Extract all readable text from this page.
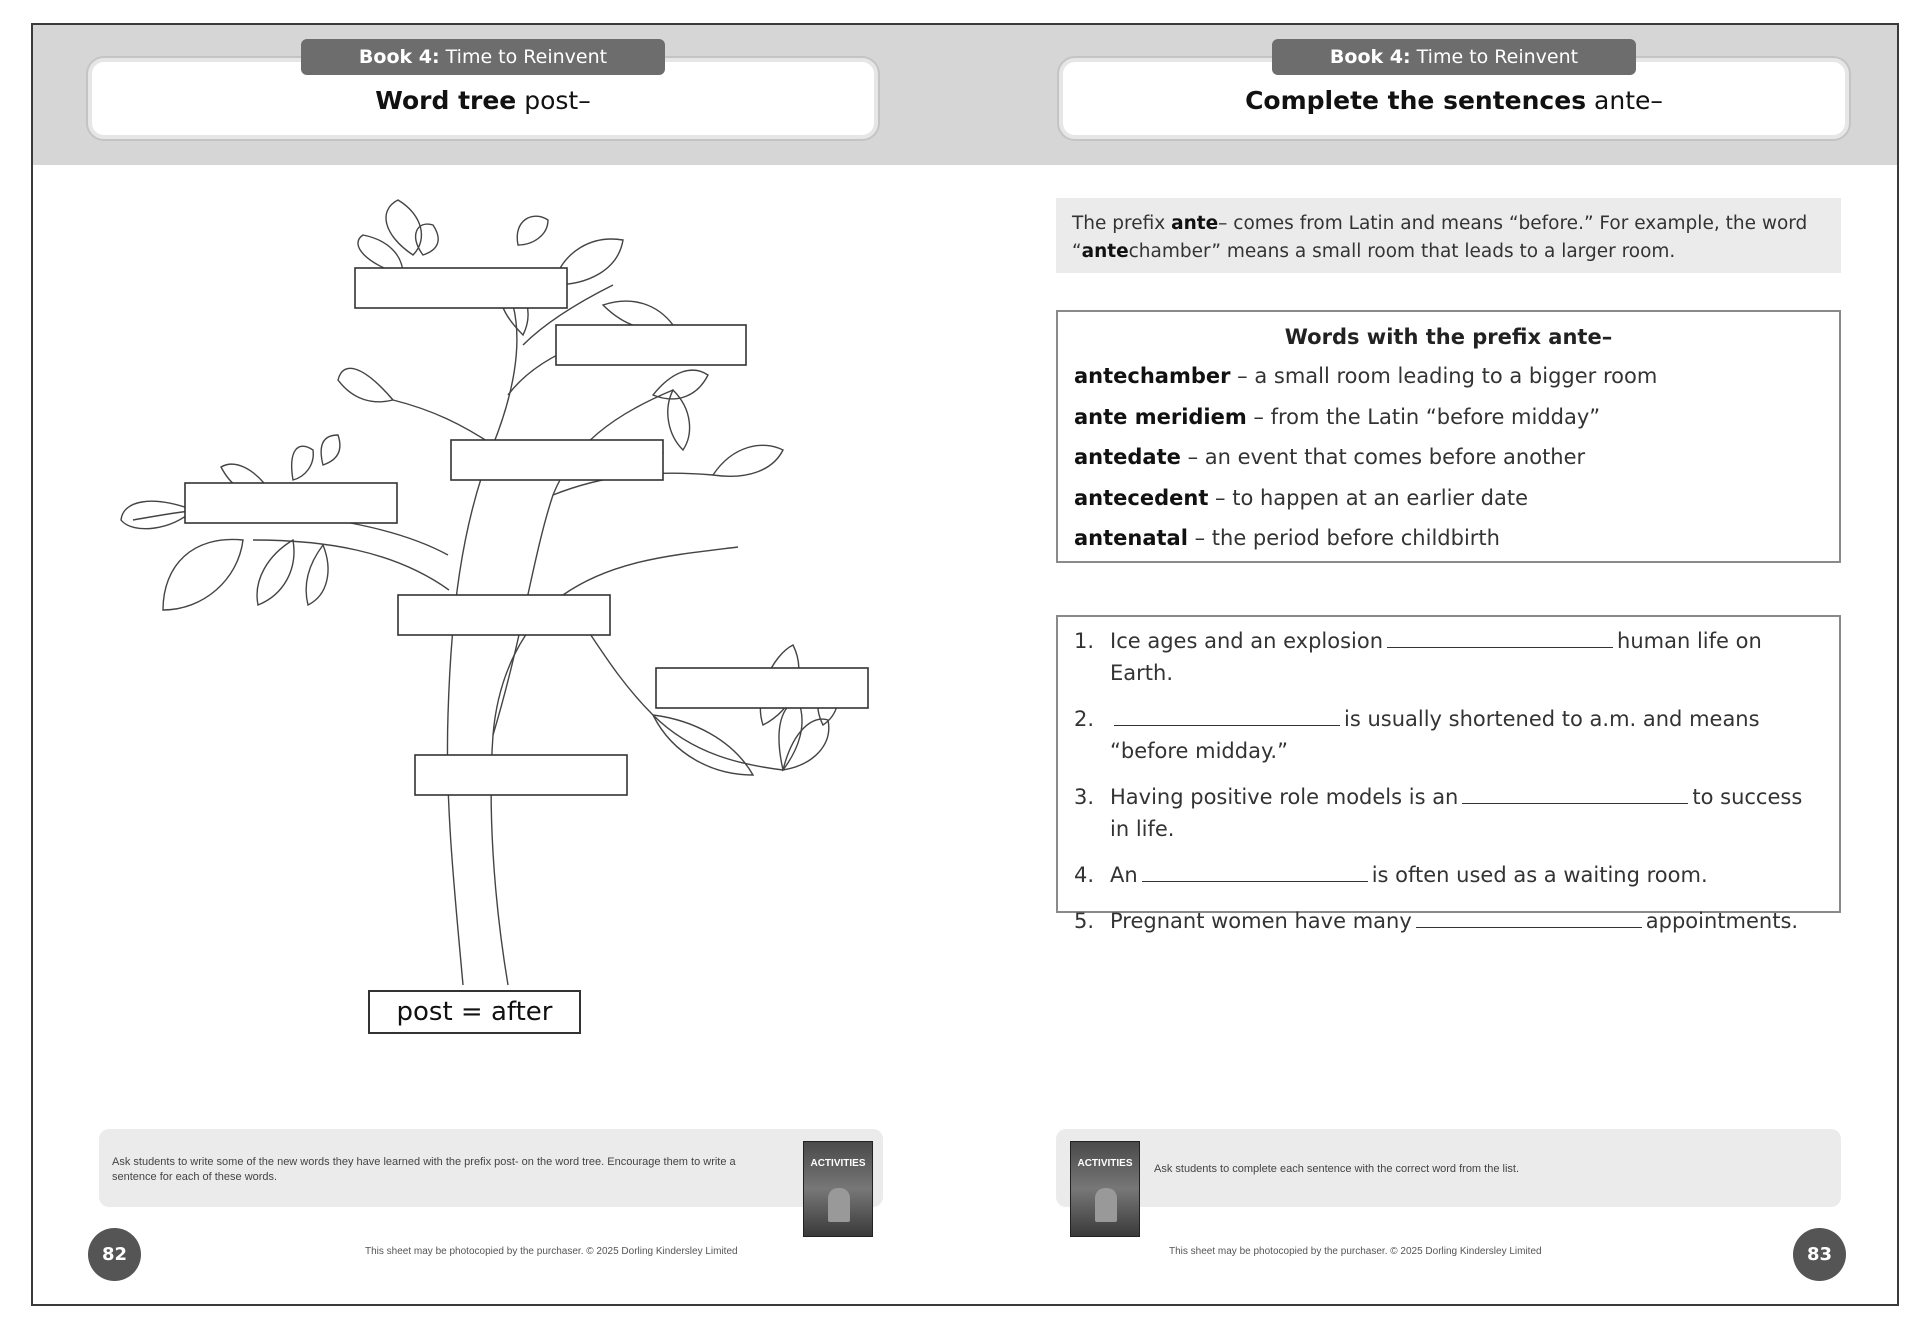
Word tree post–
Book 4: Time to Reinvent
Complete the sentences ante–
Book 4: Time to Reinvent
post = after
The prefix ante– comes from Latin and means “before.” For example, the word “antechamber” means a small room that leads to a larger room.
Words with the prefix ante–
antechamber – a small room leading to a bigger room
ante meridiem – from the Latin “before midday”
antedate – an event that comes before another
antecedent – to happen at an earlier date
antenatal – the period before childbirth
1. Ice ages and an explosion	human life on Earth.
2.	is usually shortened to a.m. and means “before midday.”
3. Having positive role models is an	to success in life.
4. An	is often used as a waiting room.
5. Pregnant women have many	appointments.
Ask students to write some of the new words they have learned with the prefix post- on the word tree. Encourage them to write a sentence for each of these words.
ACTIVITIES	ACTIVITIES	Ask students to complete each sentence with the correct word from the list.
82	83
This sheet may be photocopied by the purchaser. © 2025 Dorling Kindersley Limited	This sheet may be photocopied by the purchaser. © 2025 Dorling Kindersley Limited
